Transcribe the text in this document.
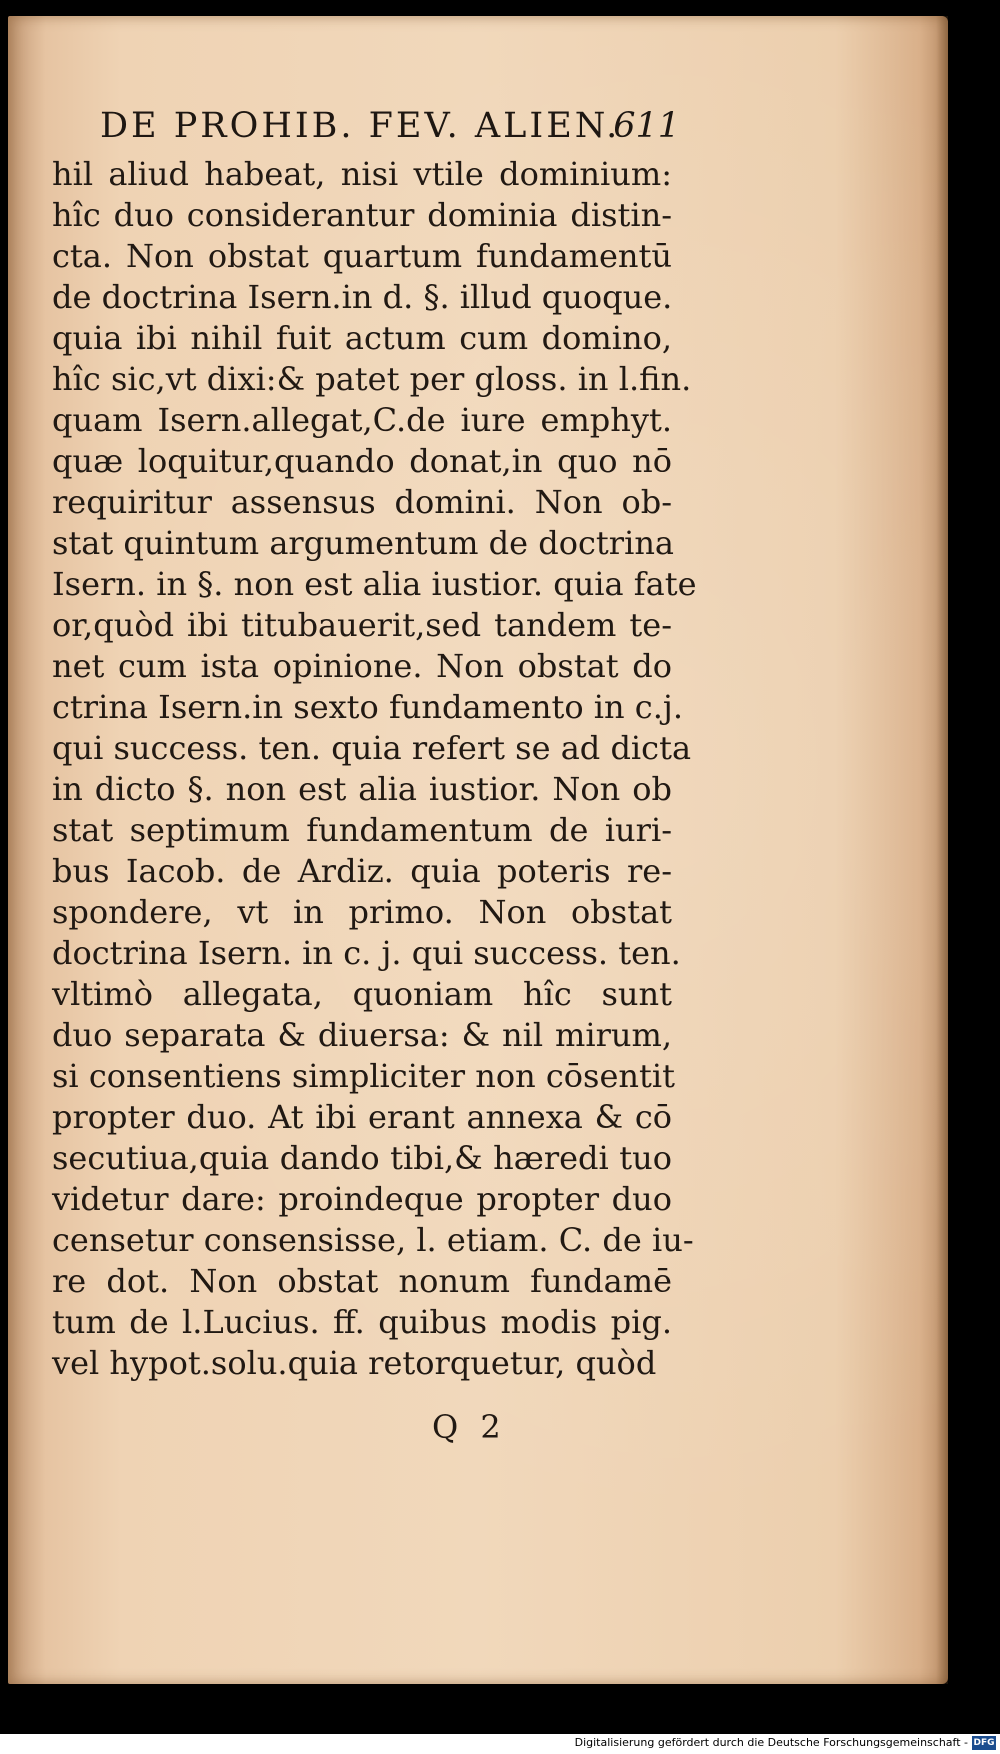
DE PROHIB. FEV. ALIEN.
611
hil aliud habeat, nisi vtile dominium:
hîc duo considerantur dominia distin-
cta. Non obstat quartum fundamentū
de doctrina Isern.in d. §. illud quoque.
quia ibi nihil fuit actum cum domino,
hîc sic,vt dixi:& patet per gloss. in l.fin.
quam Isern.allegat,C.de iure emphyt.
quæ loquitur,quando donat,in quo nō
requiritur assensus domini. Non ob-
stat quintum argumentum de doctrina
Isern. in §. non est alia iustior. quia fate
or,quòd ibi titubauerit,sed tandem te-
net cum ista opinione. Non obstat do
ctrina Isern.in sexto fundamento in c.j.
qui success. ten. quia refert se ad dicta
in dicto §. non est alia iustior. Non ob
stat septimum fundamentum de iuri-
bus Iacob. de Ardiz. quia poteris re-
spondere, vt in primo. Non obstat
doctrina Isern. in c. j. qui success. ten.
vltimò allegata, quoniam hîc sunt
duo separata & diuersa: & nil mirum,
si consentiens simpliciter non cōsentit
propter duo. At ibi erant annexa & cō
secutiua,quia dando tibi,& hæredi tuo
videtur dare: proindeque propter duo
censetur consensisse, l. etiam. C. de iu-
re dot. Non obstat nonum fundamē
tum de l.Lucius. ff. quibus modis pig.
vel hypot.solu.quia retorquetur, quòd
Q 2
Digitalisierung gefördert durch die Deutsche Forschungsgemeinschaft - DFG
